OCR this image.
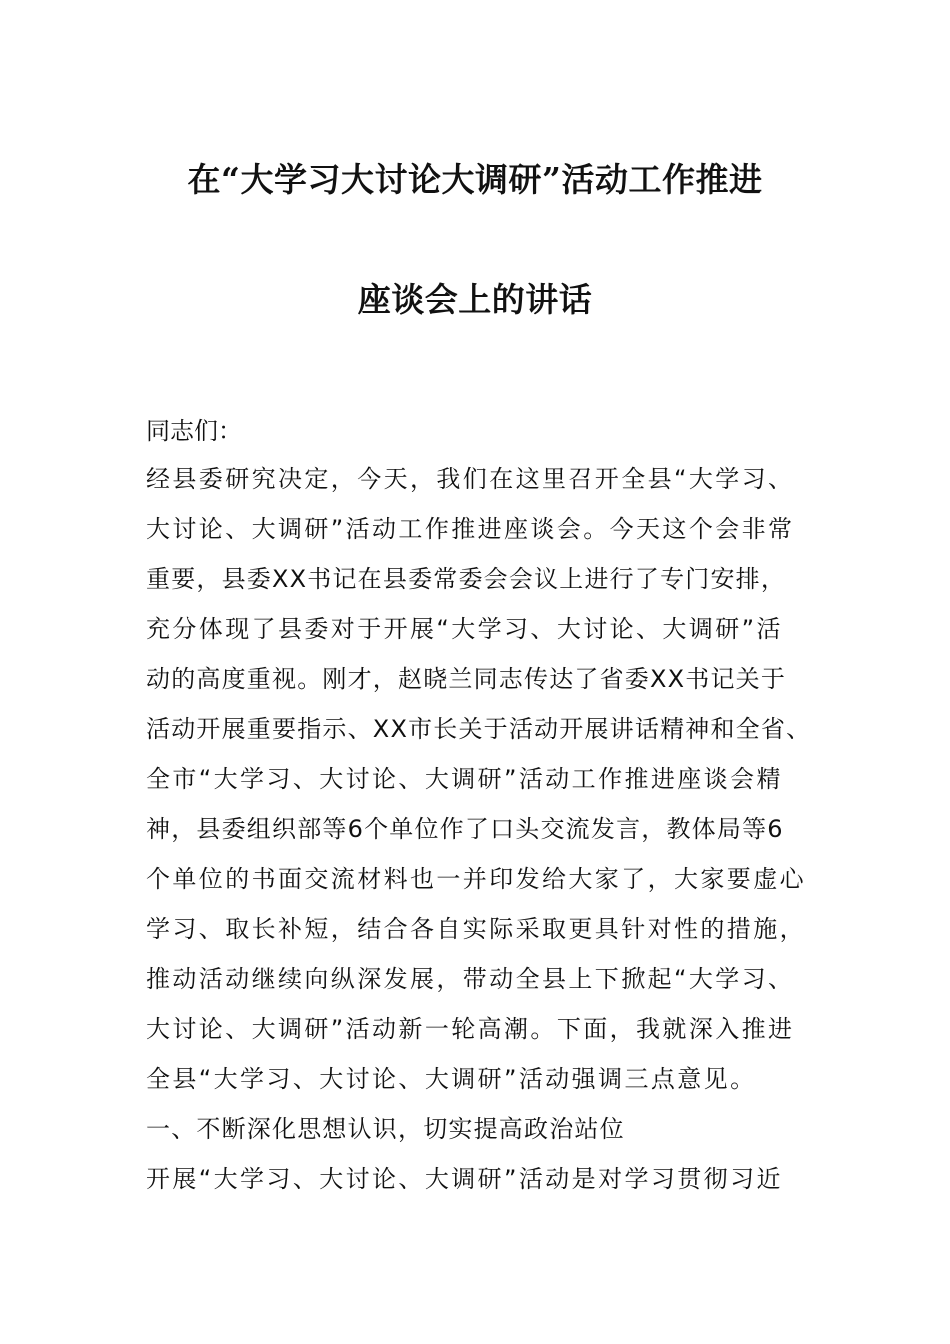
在“大学习大讨论大调研”活动工作推进
座谈会上的讲话

同志们：

经县委研究决定，今天，我们在这里召开全县“大学习、
大讨论、大调研”活动工作推进座谈会。今天这个会非常
重要，县委XX书记在县委常委会会议上进行了专门安排，
充分体现了县委对于开展“大学习、大讨论、大调研”活
动的高度重视。刚才，赵晓兰同志传达了省委XX书记关于
活动开展重要指示、XX市长关于活动开展讲话精神和全省、
全市“大学习、大讨论、大调研”活动工作推进座谈会精
神，县委组织部等6个单位作了口头交流发言，教体局等6
个单位的书面交流材料也一并印发给大家了，大家要虚心
学习、取长补短，结合各自实际采取更具针对性的措施，
推动活动继续向纵深发展，带动全县上下掀起“大学习、
大讨论、大调研”活动新一轮高潮。下面，我就深入推进
全县“大学习、大讨论、大调研”活动强调三点意见。
一、不断深化思想认识，切实提高政治站位
开展“大学习、大讨论、大调研”活动是对学习贯彻习近
